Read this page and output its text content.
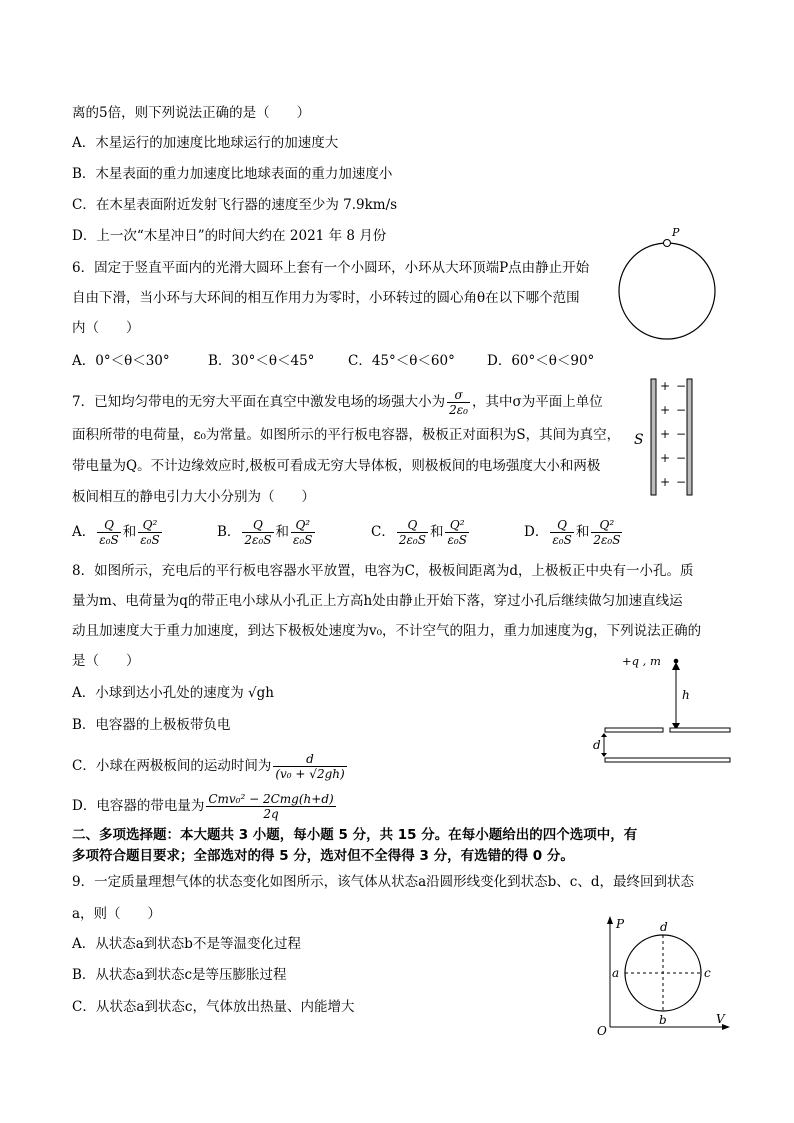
离的5倍，则下列说法正确的是（　　）
A．木星运行的加速度比地球运行的加速度大
B．木星表面的重力加速度比地球表面的重力加速度小
C．在木星表面附近发射飞行器的速度至少为 7.9km/s
D．上一次“木星冲日”的时间大约在 2021 年 8 月份
6．固定于竖直平面内的光滑大圆环上套有一个小圆环，小环从大环顶端P点由静止开始
自由下滑，当小环与大环间的相互作用力为零时，小环转过的圆心角θ在以下哪个范围
内（　　）
A．0°＜θ＜30°	B．30°＜θ＜45° C．45°＜θ＜60° D．60°＜θ＜90°
P
7．已知均匀带电的无穷大平面在真空中激发电场的场强大小为 $\frac{\sigma}{\text{2ε₀}}$ ，其中σ为平面上单位
面积所带的电荷量，ε₀为常量。如图所示的平行板电容器，极板正对面积为S，其间为真空，
带电量为Q。不计边缘效应时,极板可看成无穷大导体板，则极板间的电场强度大小和两极
板间相互的静电引力大小分别为（　　）
A． $\frac{Q}{\text{ε₀S}}$ 和 $\frac{\text{Q²}}{\text{ε₀S}}$	B． $\frac{Q}{\text{2ε₀S}}$ 和 $\frac{\text{Q²}}{\text{ε₀S}}$	C． $\frac{Q}{\text{2ε₀S}}$ 和 $\frac{\text{Q²}}{\text{ε₀S}}$	D． $\frac{Q}{\text{ε₀S}}$ 和 $\frac{\text{Q²}}{\text{2ε₀S}}$
S
+
+
+
+
+
−
−
−
−
−
8．如图所示，充电后的平行板电容器水平放置，电容为C，极板间距离为d，上极板正中央有一小孔。质
量为m、电荷量为q的带正电小球从小孔正上方高h处由静止开始下落，穿过小孔后继续做匀加速直线运
动且加速度大于重力加速度，到达下极板处速度为v₀，不计空气的阻力，重力加速度为g，下列说法正确的
是（　　）
A．小球到达小孔处的速度为 √gh
B．电容器的上极板带负电
C．小球在两极板间的运动时间为 $\frac{d}{\text{(v₀ + √2gh)}}$
D．电容器的带电量为 $\frac{\text{Cmv₀² − 2Cmg(h+d)}}{2q}$
+q , m
h
d
二、多项选择题：本大题共 3 小题，每小题 5 分，共 15 分。在每小题给出的四个选项中，有
多项符合题目要求；全部选对的得 5 分，选对但不全得得 3 分，有选错的得 0 分。
9．一定质量理想气体的状态变化如图所示，该气体从状态a沿圆形线变化到状态b、c、d，最终回到状态
a，则（　　）
A．从状态a到状态b不是等温变化过程
B．从状态a到状态c是等压膨胀过程
C．从状态a到状态c，气体放出热量、内能增大
P
V
O
a
b
c
d
